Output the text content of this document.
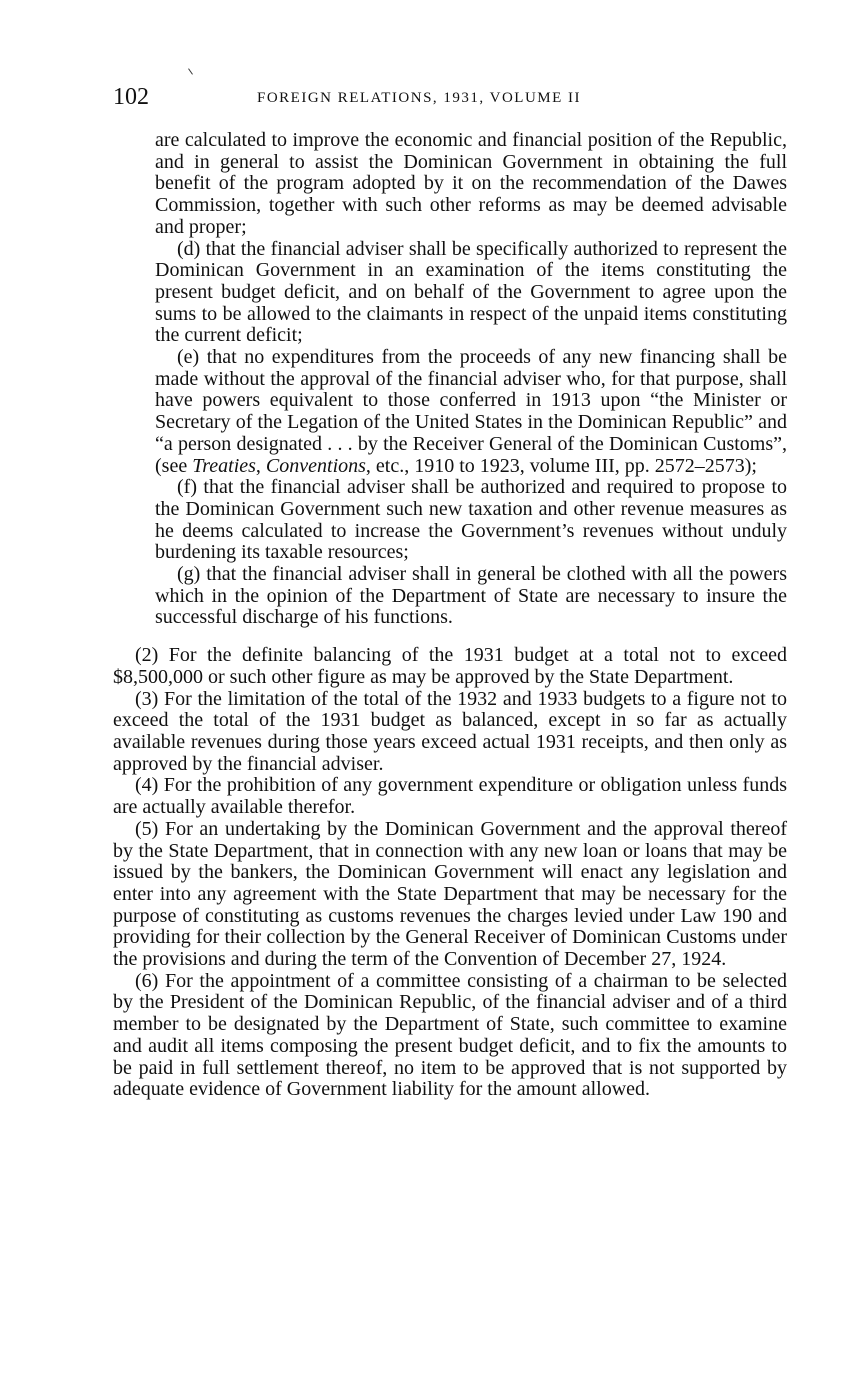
102	FOREIGN RELATIONS, 1931, VOLUME II

are calculated to improve the economic and financial position of the Republic, and in general to assist the Dominican Government in obtaining the full benefit of the program adopted by it on the recommendation of the Dawes Commission, together with such other reforms as may be deemed advisable and proper;

(d) that the financial adviser shall be specifically authorized to represent the Dominican Government in an examination of the items constituting the present budget deficit, and on behalf of the Government to agree upon the sums to be allowed to the claimants in respect of the unpaid items constituting the current deficit;

(e) that no expenditures from the proceeds of any new financing shall be made without the approval of the financial adviser who, for that purpose, shall have powers equivalent to those conferred in 1913 upon “the Minister or Secretary of the Legation of the United States in the Dominican Republic” and “a person designated . . . by the Receiver General of the Dominican Customs”, (see Treaties, Conventions, etc., 1910 to 1923, volume III, pp. 2572–2573);

(f) that the financial adviser shall be authorized and required to propose to the Dominican Government such new taxation and other revenue measures as he deems calculated to increase the Government’s revenues without unduly burdening its taxable resources;

(g) that the financial adviser shall in general be clothed with all the powers which in the opinion of the Department of State are necessary to insure the successful discharge of his functions.

(2) For the definite balancing of the 1931 budget at a total not to exceed $8,500,000 or such other figure as may be approved by the State Department.

(3) For the limitation of the total of the 1932 and 1933 budgets to a figure not to exceed the total of the 1931 budget as balanced, except in so far as actually available revenues during those years exceed actual 1931 receipts, and then only as approved by the financial adviser.

(4) For the prohibition of any government expenditure or obligation unless funds are actually available therefor.

(5) For an undertaking by the Dominican Government and the approval thereof by the State Department, that in connection with any new loan or loans that may be issued by the bankers, the Dominican Government will enact any legislation and enter into any agreement with the State Department that may be necessary for the purpose of constituting as customs revenues the charges levied under Law 190 and providing for their collection by the General Receiver of Dominican Customs under the provisions and during the term of the Convention of December 27, 1924.

(6) For the appointment of a committee consisting of a chairman to be selected by the President of the Dominican Republic, of the financial adviser and of a third member to be designated by the Department of State, such committee to examine and audit all items composing the present budget deficit, and to fix the amounts to be paid in full settlement thereof, no item to be approved that is not supported by adequate evidence of Government liability for the amount allowed.
